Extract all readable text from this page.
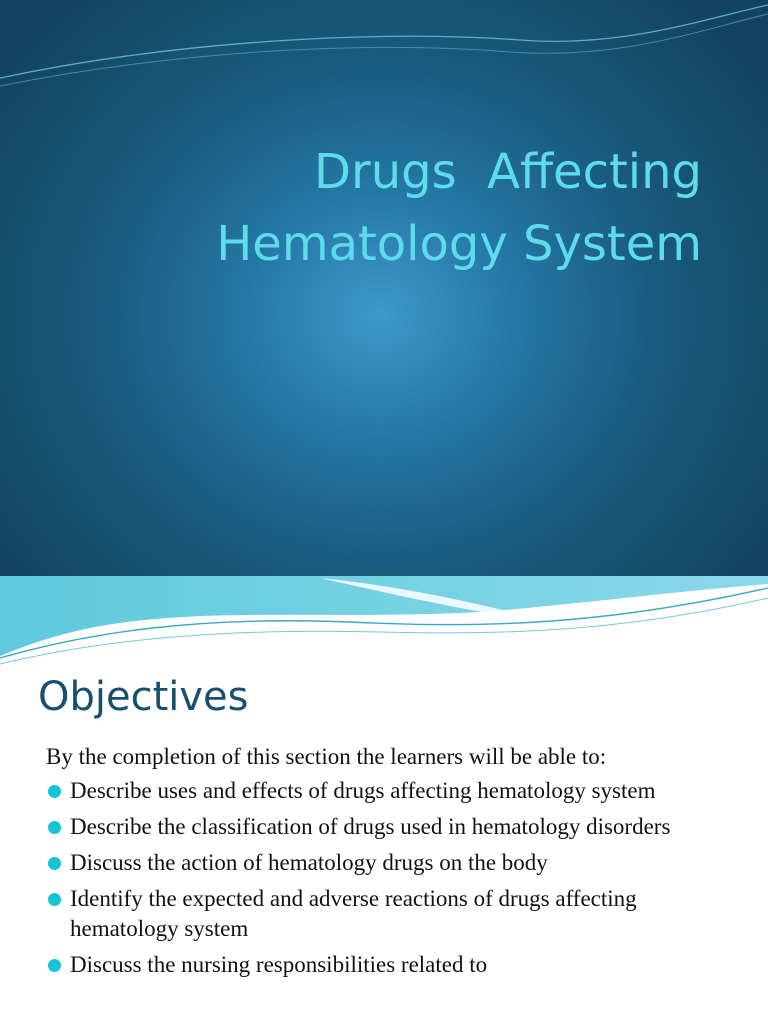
Drugs  Affecting
Hematology System
Objectives

By the completion of this section the learners will be able to:

Describe uses and effects of drugs affecting hematology system
Describe the classification of drugs used in hematology disorders
Discuss the action of hematology drugs on the body
Identify the expected and adverse reactions of drugs affecting hematology system
Discuss the nursing responsibilities related to
